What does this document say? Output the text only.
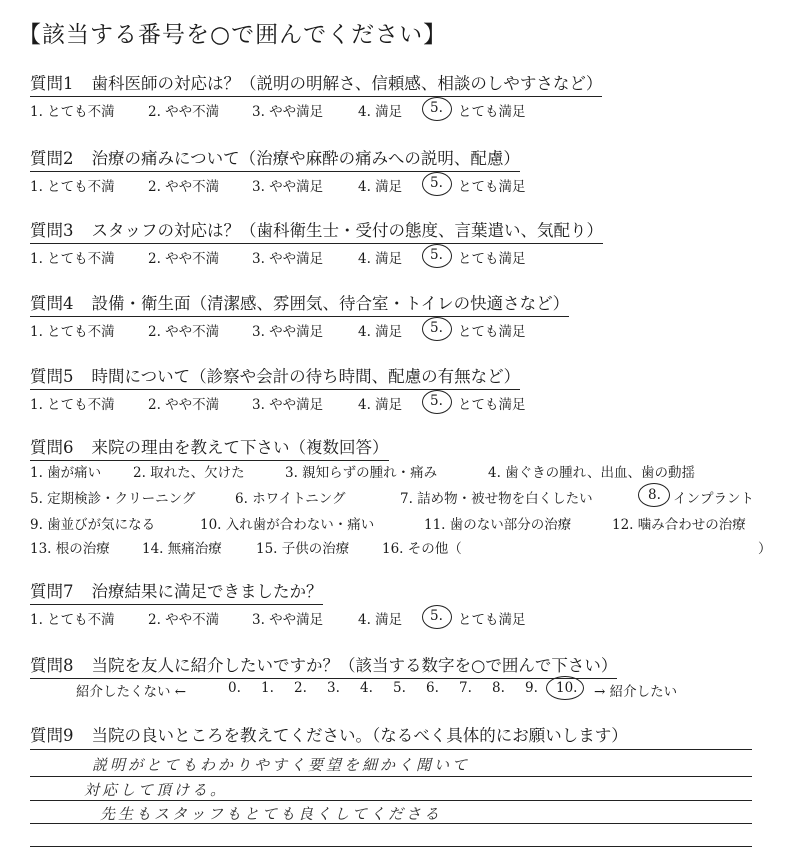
【該当する番号を○で囲んでください】
質問1 歯科医師の対応は？（説明の明解さ、信頼感、相談のしやすさなど）
1. とても不満 2. やや不満 3. やや満足	4. 満足 5. とても満足
質問2 治療の痛みについて（治療や麻酔の痛みへの説明、配慮）
1. とても不満 2. やや不満 3. やや満足	4. 満足 5. とても満足
質問3 スタッフの対応は？（歯科衛生士・受付の態度、言葉遣い、気配り）
1. とても不満 2. やや不満 3. やや満足	4. 満足 5. とても満足
質問4 設備・衛生面（清潔感、雰囲気、待合室・トイレの快適さなど）
1. とても不満 2. やや不満 3. やや満足	4. 満足 5. とても満足
質問5 時間について（診察や会計の待ち時間、配慮の有無など）
1. とても不満 2. やや不満 3. やや満足	4. 満足 5. とても満足
質問6 来院の理由を教えて下さい（複数回答）
1. 歯が痛い 2. 取れた、欠けた	3. 親知らずの腫れ・痛み	4. 歯ぐきの腫れ、出血、歯の動揺
5. 定期検診・クリーニング	6. ホワイトニング	7. 詰め物・被せ物を白くしたい	8. インプラント
9. 歯並びが気になる	10. 入れ歯が合わない・痛い	11. 歯のない部分の治療	12. 噛み合わせの治療
13. 根の治療 14. 無痛治療	15. 子供の治療 16. その他（	）
質問7 治療結果に満足できましたか？
1. とても不満 2. やや不満 3. やや満足	4. 満足 5. とても満足
質問8 当院を友人に紹介したいですか？（該当する数字を○で囲んで下さい）
紹介したくない ←	0. 1. 2. 3. 4. 5. 6. 7. 8. 9. 10. → 紹介したい
質問9 当院の良いところを教えてください。（なるべく具体的にお願いします）
説明がとてもわかりやすく要望を細かく聞いて
対応して頂ける。
先生もスタッフもとても良くしてくださる
